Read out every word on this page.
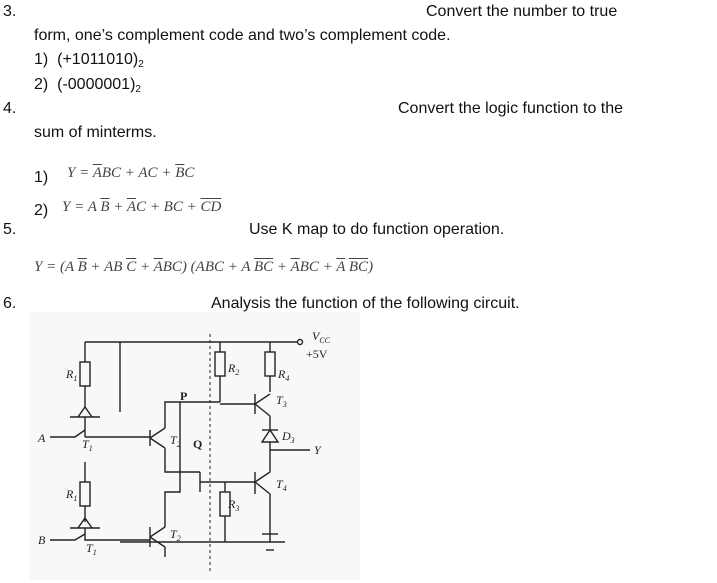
3.	Convert the number to true
form, one’s complement code and two’s complement code.
1) $(+1011010)_2$
2) $(-0000001)_2$
4.	Convert the logic function to the
sum of minterms.
1) $Y = \overline{A}BC$ + AC + $\overline{B}C$
2) Y = A $\overline{B} + \overline{A}C$ + BC + $\overline{CD}$
5.	Use K map to do function operation.
Y = (A $\overline{B}$ + AB $\overline{C} + \overline{A}BC$) (ABC + A $\overline{BC} + \overline{A}BC + \overline{A}$ $\overline{BC}$)
6.	Analysis the function of the following circuit.
$V_{CC}$
+5V
$R_1$
$R_2$	$R_4$
$T_3$
P
A	$T_1$
$T_2$ Q
$D_3$
Y
$T_4$
$R_3$
$R_1$
$T_2$
B
$T_1$
